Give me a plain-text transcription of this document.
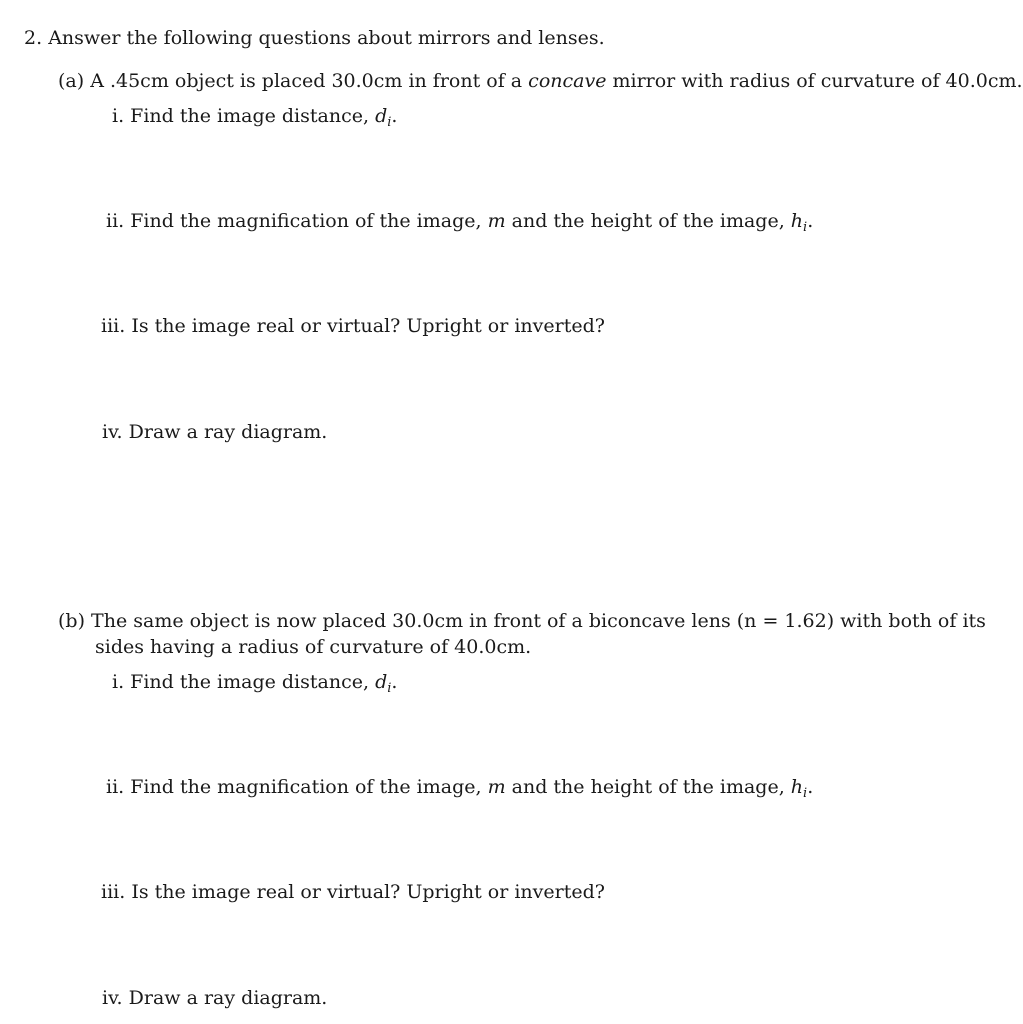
2. Answer the following questions about mirrors and lenses.
(a) A .45cm object is placed 30.0cm in front of a concave mirror with radius of curvature of 40.0cm.
i. Find the image distance, $d_i$.
ii. Find the magnification of the image, m and the height of the image, $h_i$.
iii. Is the image real or virtual? Upright or inverted?
iv. Draw a ray diagram.
(b) The same object is now placed 30.0cm in front of a biconcave lens (n = 1.62) with both of its
sides having a radius of curvature of 40.0cm.
i. Find the image distance, $d_i$.
ii. Find the magnification of the image, m and the height of the image, $h_i$.
iii. Is the image real or virtual? Upright or inverted?
iv. Draw a ray diagram.
